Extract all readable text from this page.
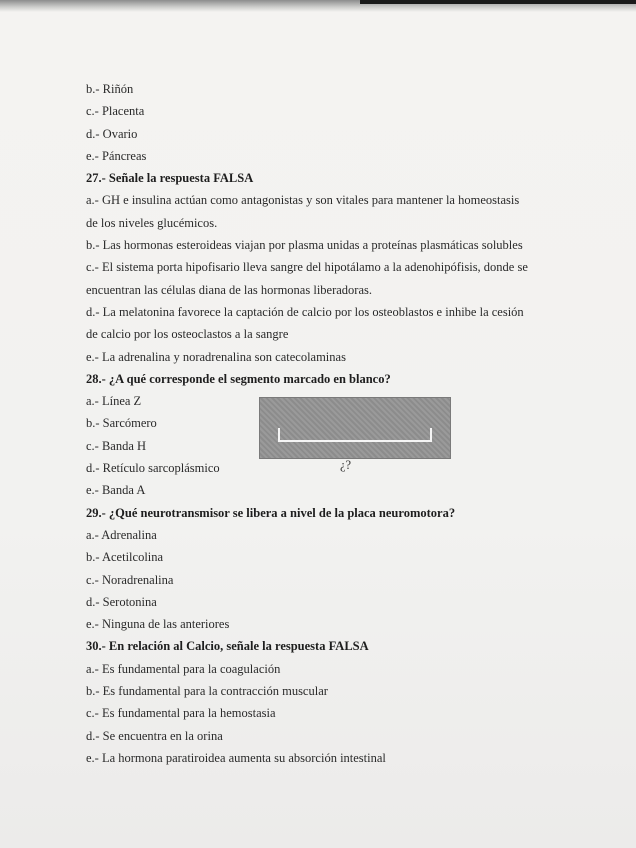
b.- Riñón
c.- Placenta
d.- Ovario
e.- Páncreas
27.- Señale la respuesta FALSA
a.- GH e insulina actúan como antagonistas y son vitales para mantener la homeostasis
de los niveles glucémicos.
b.- Las hormonas esteroideas viajan por plasma unidas a proteínas plasmáticas solubles
c.- El sistema porta hipofisario lleva sangre del hipotálamo a la adenohipófisis, donde se
encuentran las células diana de las hormonas liberadoras.
d.- La melatonina favorece la captación de calcio por los osteoblastos e inhibe la cesión
de calcio por los osteoclastos a la sangre
e.- La adrenalina y noradrenalina son catecolaminas
28.- ¿A qué corresponde el segmento marcado en blanco?
a.- Línea Z
b.- Sarcómero
c.- Banda H
d.- Retículo sarcoplásmico
e.- Banda A
29.- ¿Qué neurotransmisor se libera a nivel de la placa neuromotora?
a.- Adrenalina
b.- Acetilcolina
c.- Noradrenalina
d.- Serotonina
e.- Ninguna de las anteriores
30.- En relación al Calcio, señale la respuesta FALSA
a.- Es fundamental para la coagulación
b.- Es fundamental para la contracción muscular
c.- Es fundamental para la hemostasia
d.- Se encuentra en la orina
e.- La hormona paratiroidea aumenta su absorción intestinal
¿?
